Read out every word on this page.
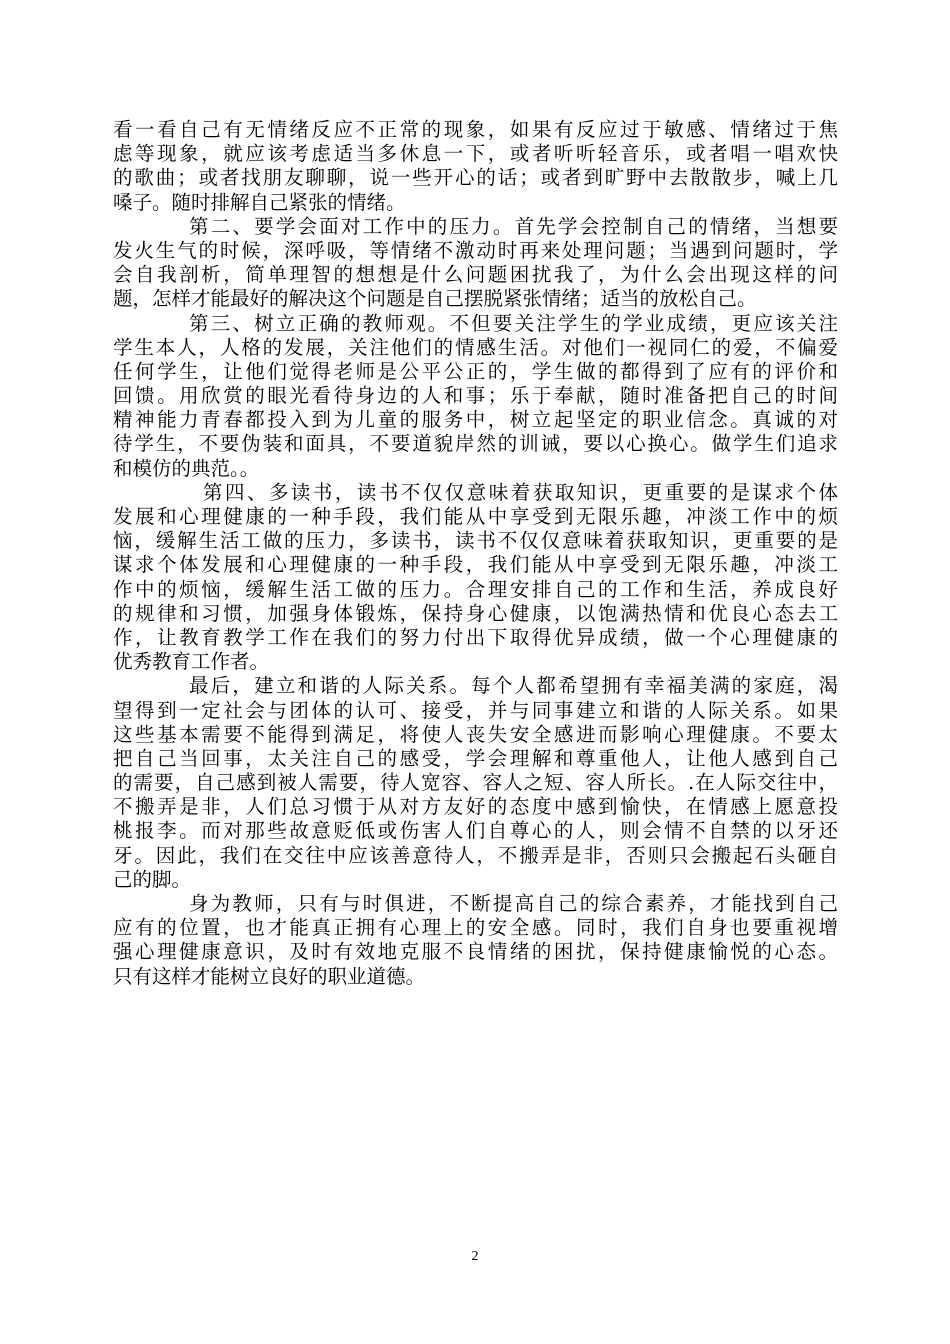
看一看自己有无情绪反应不正常的现象，如果有反应过于敏感、情绪过于焦
虑等现象，就应该考虑适当多休息一下，或者听听轻音乐，或者唱一唱欢快
的歌曲；或者找朋友聊聊，说一些开心的话；或者到旷野中去散散步，喊上几
嗓子。随时排解自己紧张的情绪。
第二、要学会面对工作中的压力。首先学会控制自己的情绪，当想要
发火生气的时候，深呼吸，等情绪不激动时再来处理问题；当遇到问题时，学
会自我剖析，简单理智的想想是什么问题困扰我了，为什么会出现这样的问
题，怎样才能最好的解决这个问题是自己摆脱紧张情绪；适当的放松自己。
第三、树立正确的教师观。不但要关注学生的学业成绩，更应该关注
学生本人，人格的发展，关注他们的情感生活。对他们一视同仁的爱，不偏爱
任何学生，让他们觉得老师是公平公正的，学生做的都得到了应有的评价和
回馈。用欣赏的眼光看待身边的人和事；乐于奉献，随时准备把自己的时间
精神能力青春都投入到为儿童的服务中，树立起坚定的职业信念。真诚的对
待学生，不要伪装和面具，不要道貌岸然的训诫，要以心换心。做学生们追求
和模仿的典范。。
第四、多读书，读书不仅仅意味着获取知识，更重要的是谋求个体
发展和心理健康的一种手段，我们能从中享受到无限乐趣，冲淡工作中的烦
恼，缓解生活工做的压力，多读书，读书不仅仅意味着获取知识，更重要的是
谋求个体发展和心理健康的一种手段，我们能从中享受到无限乐趣，冲淡工
作中的烦恼，缓解生活工做的压力。合理安排自己的工作和生活，养成良好
的规律和习惯，加强身体锻炼，保持身心健康，以饱满热情和优良心态去工
作，让教育教学工作在我们的努力付出下取得优异成绩，做一个心理健康的
优秀教育工作者。
最后，建立和谐的人际关系。每个人都希望拥有幸福美满的家庭，渴
望得到一定社会与团体的认可、接受，并与同事建立和谐的人际关系。如果
这些基本需要不能得到满足，将使人丧失安全感进而影响心理健康。不要太
把自己当回事，太关注自己的感受，学会理解和尊重他人，让他人感到自己
的需要，自己感到被人需要，待人宽容、容人之短、容人所长。.在人际交往中，
不搬弄是非，人们总习惯于从对方友好的态度中感到愉快，在情感上愿意投
桃报李。而对那些故意贬低或伤害人们自尊心的人，则会情不自禁的以牙还
牙。因此，我们在交往中应该善意待人，不搬弄是非，否则只会搬起石头砸自
己的脚。
身为教师，只有与时俱进，不断提高自己的综合素养，才能找到自己
应有的位置，也才能真正拥有心理上的安全感。同时，我们自身也要重视增
强心理健康意识，及时有效地克服不良情绪的困扰，保持健康愉悦的心态。
只有这样才能树立良好的职业道德。
2
